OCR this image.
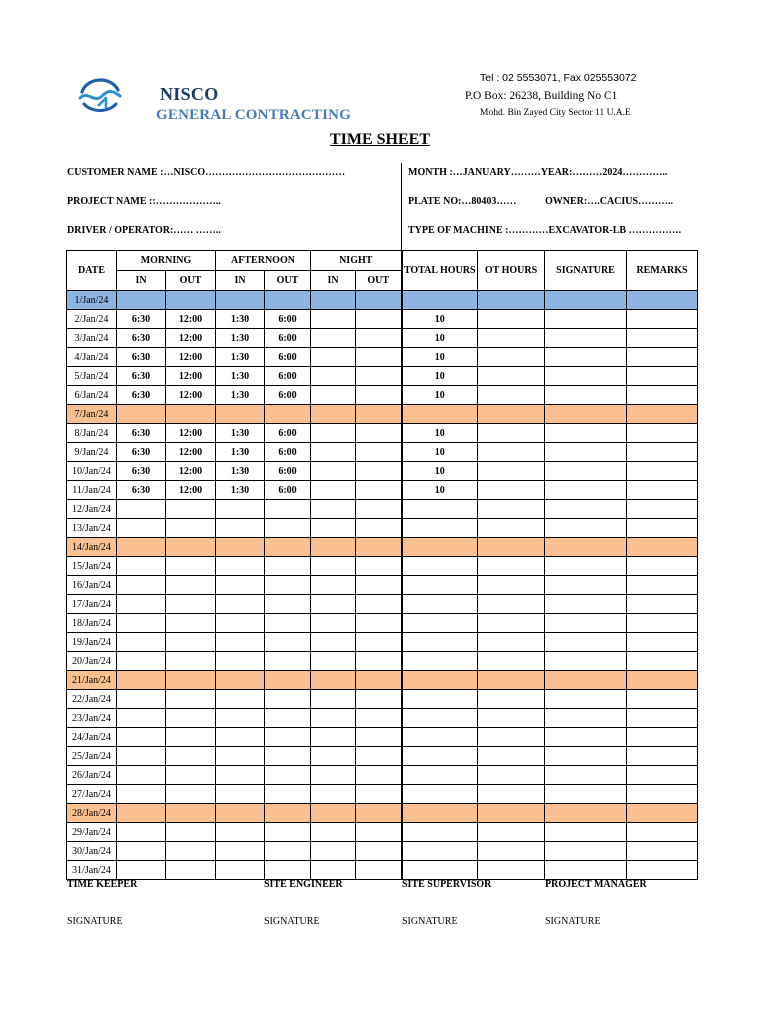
NISCO
GENERAL CONTRACTING
Tel : 02 5553071, Fax 025553072
P.O Box: 26238, Building No C1
Mohd. Bin Zayed City Sector 11 U.A.E
TIME SHEET
CUSTOMER NAME :…NISCO……………………………………
PROJECT NAME ::………………..
DRIVER / OPERATOR:…… ……..
MONTH :…JANUARY………YEAR:………2024…………..
PLATE NO:…80403……	OWNER:….CACIUS………..
TYPE OF MACHINE :…………EXCAVATOR-LB …………….
DATE	MORNING		AFTERNOON		NIGHT		TOTAL HOURS	OT HOURS	SIGNATURE	REMARKS
	IN	OUT	IN	OUT	IN	OUT				
1/Jan/24										
2/Jan/24	6:30	12:00	1:30	6:00			10			
3/Jan/24	6:30	12:00	1:30	6:00			10			
4/Jan/24	6:30	12:00	1:30	6:00			10			
5/Jan/24	6:30	12:00	1:30	6:00			10			
6/Jan/24	6:30	12:00	1:30	6:00			10			
7/Jan/24										
8/Jan/24	6:30	12:00	1:30	6:00			10			
9/Jan/24	6:30	12:00	1:30	6:00			10			
10/Jan/24	6:30	12:00	1:30	6:00			10			
11/Jan/24	6:30	12:00	1:30	6:00			10			
12/Jan/24										
13/Jan/24										
14/Jan/24										
15/Jan/24										
16/Jan/24										
17/Jan/24										
18/Jan/24										
19/Jan/24										
20/Jan/24										
21/Jan/24										
22/Jan/24										
23/Jan/24										
24/Jan/24										
25/Jan/24										
26/Jan/24										
27/Jan/24										
28/Jan/24										
29/Jan/24										
30/Jan/24										
31/Jan/24										
TIME KEEPER	SITE ENGINEER	SITE SUPERVISOR	PROJECT MANAGER
SIGNATURE	SIGNATURE	SIGNATURE	SIGNATURE
